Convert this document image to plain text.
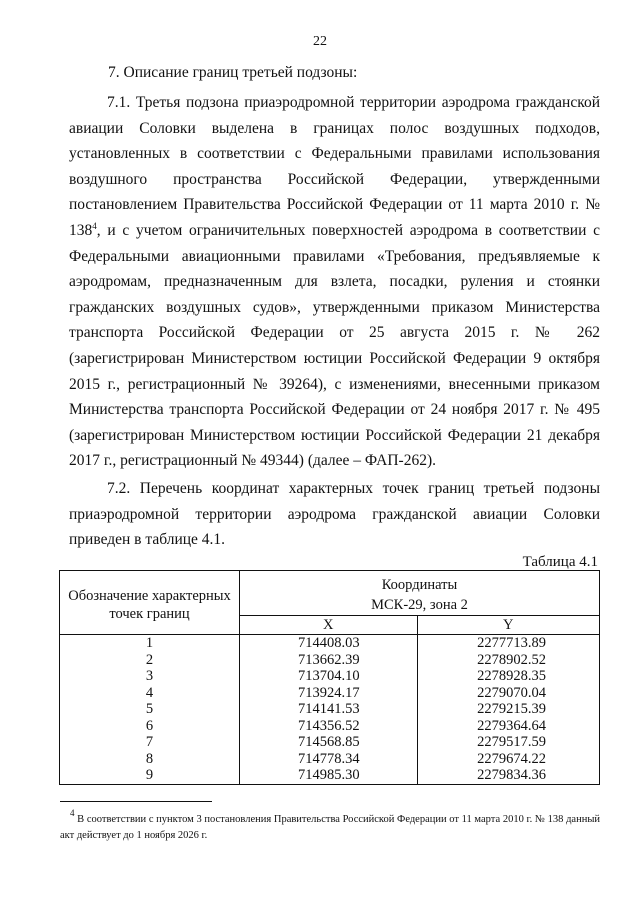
22
7. Описание границ третьей подзоны:

7.1. Третья подзона приаэродромной территории аэродрома гражданской авиации Соловки выделена в границах полос воздушных подходов, установленных в соответствии с Федеральными правилами использования воздушного пространства Российской Федерации, утвержденными постановлением Правительства Российской Федерации от 11 марта 2010 г. № $138^4$, и с учетом ограничительных поверхностей аэродрома в соответствии с Федеральными авиационными правилами «Требования, предъявляемые к аэродромам, предназначенным для взлета, посадки, руления и стоянки гражданских воздушных судов», утвержденными приказом Министерства транспорта Российской Федерации от 25 августа 2015 г. № 262 (зарегистрирован Министерством юстиции Российской Федерации 9 октября 2015 г., регистрационный № 39264), с изменениями, внесенными приказом Министерства транспорта Российской Федерации от 24 ноября 2017 г. № 495 (зарегистрирован Министерством юстиции Российской Федерации 21 декабря 2017 г., регистрационный № 49344) (далее – ФАП-262).

7.2. Перечень координат характерных точек границ третьей подзоны приаэродромной территории аэродрома гражданской авиации Соловки приведен в таблице 4.1.

Таблица 4.1
Обозначение характерных точек границ	Координаты
МСК-29, зона 2	
	X	Y
1	714408.03	2277713.89
2	713662.39	2278902.52
3	713704.10	2278928.35
4	713924.17	2279070.04
5	714141.53	2279215.39
6	714356.52	2279364.64
7	714568.85	2279517.59
8	714778.34	2279674.22
9	714985.30	2279834.36

$^4$ В соответствии с пунктом 3 постановления Правительства Российской Федерации от 11 марта 2010 г. № 138 данный акт действует до 1 ноября 2026 г.
